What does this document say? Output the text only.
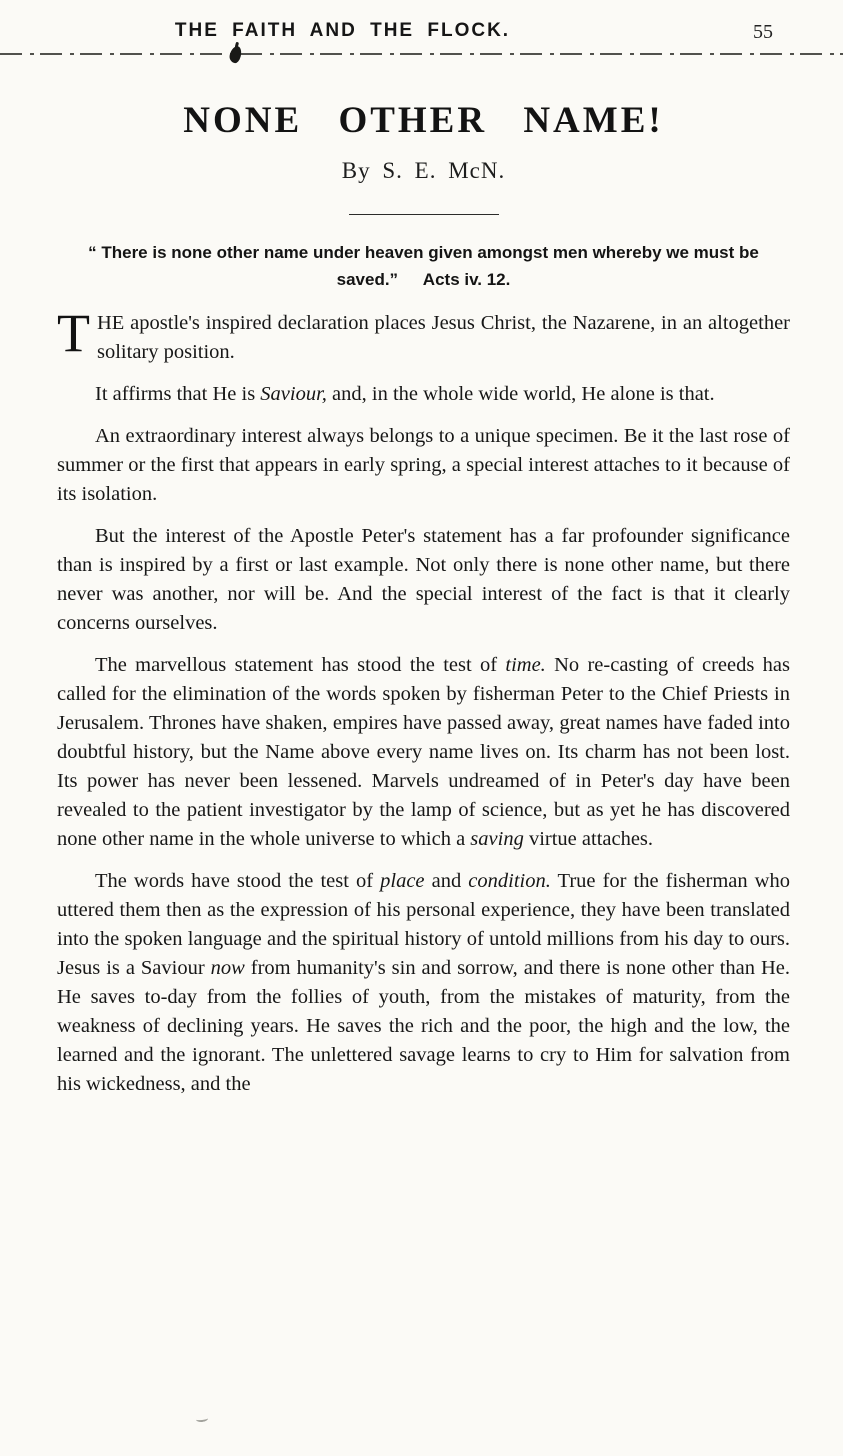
THE FAITH AND THE FLOCK.	55
NONE OTHER NAME!
By S. E. McN.
“ There is none other name under heaven given amongst men whereby we must be saved.” Acts iv. 12.

THE apostle's inspired declaration places Jesus Christ, the Nazarene, in an altogether solitary position.

It affirms that He is Saviour, and, in the whole wide world, He alone is that.

An extraordinary interest always belongs to a unique specimen. Be it the last rose of summer or the first that appears in early spring, a special interest attaches to it because of its isolation.

But the interest of the Apostle Peter's statement has a far profounder significance than is inspired by a first or last example. Not only there is none other name, but there never was another, nor will be. And the special interest of the fact is that it clearly concerns ourselves.

The marvellous statement has stood the test of time. No re-casting of creeds has called for the elimination of the words spoken by fisherman Peter to the Chief Priests in Jerusalem. Thrones have shaken, empires have passed away, great names have faded into doubtful history, but the Name above every name lives on. Its charm has not been lost. Its power has never been lessened. Marvels undreamed of in Peter's day have been revealed to the patient investigator by the lamp of science, but as yet he has discovered none other name in the whole universe to which a saving virtue attaches.

The words have stood the test of place and condition. True for the fisherman who uttered them then as the expression of his personal experience, they have been translated into the spoken language and the spiritual history of untold millions from his day to ours. Jesus is a Saviour now from humanity's sin and sorrow, and there is none other than He. He saves to-day from the follies of youth, from the mistakes of maturity, from the weakness of declining years. He saves the rich and the poor, the high and the low, the learned and the ignorant. The unlettered savage learns to cry to Him for salvation from his wickedness, and the
